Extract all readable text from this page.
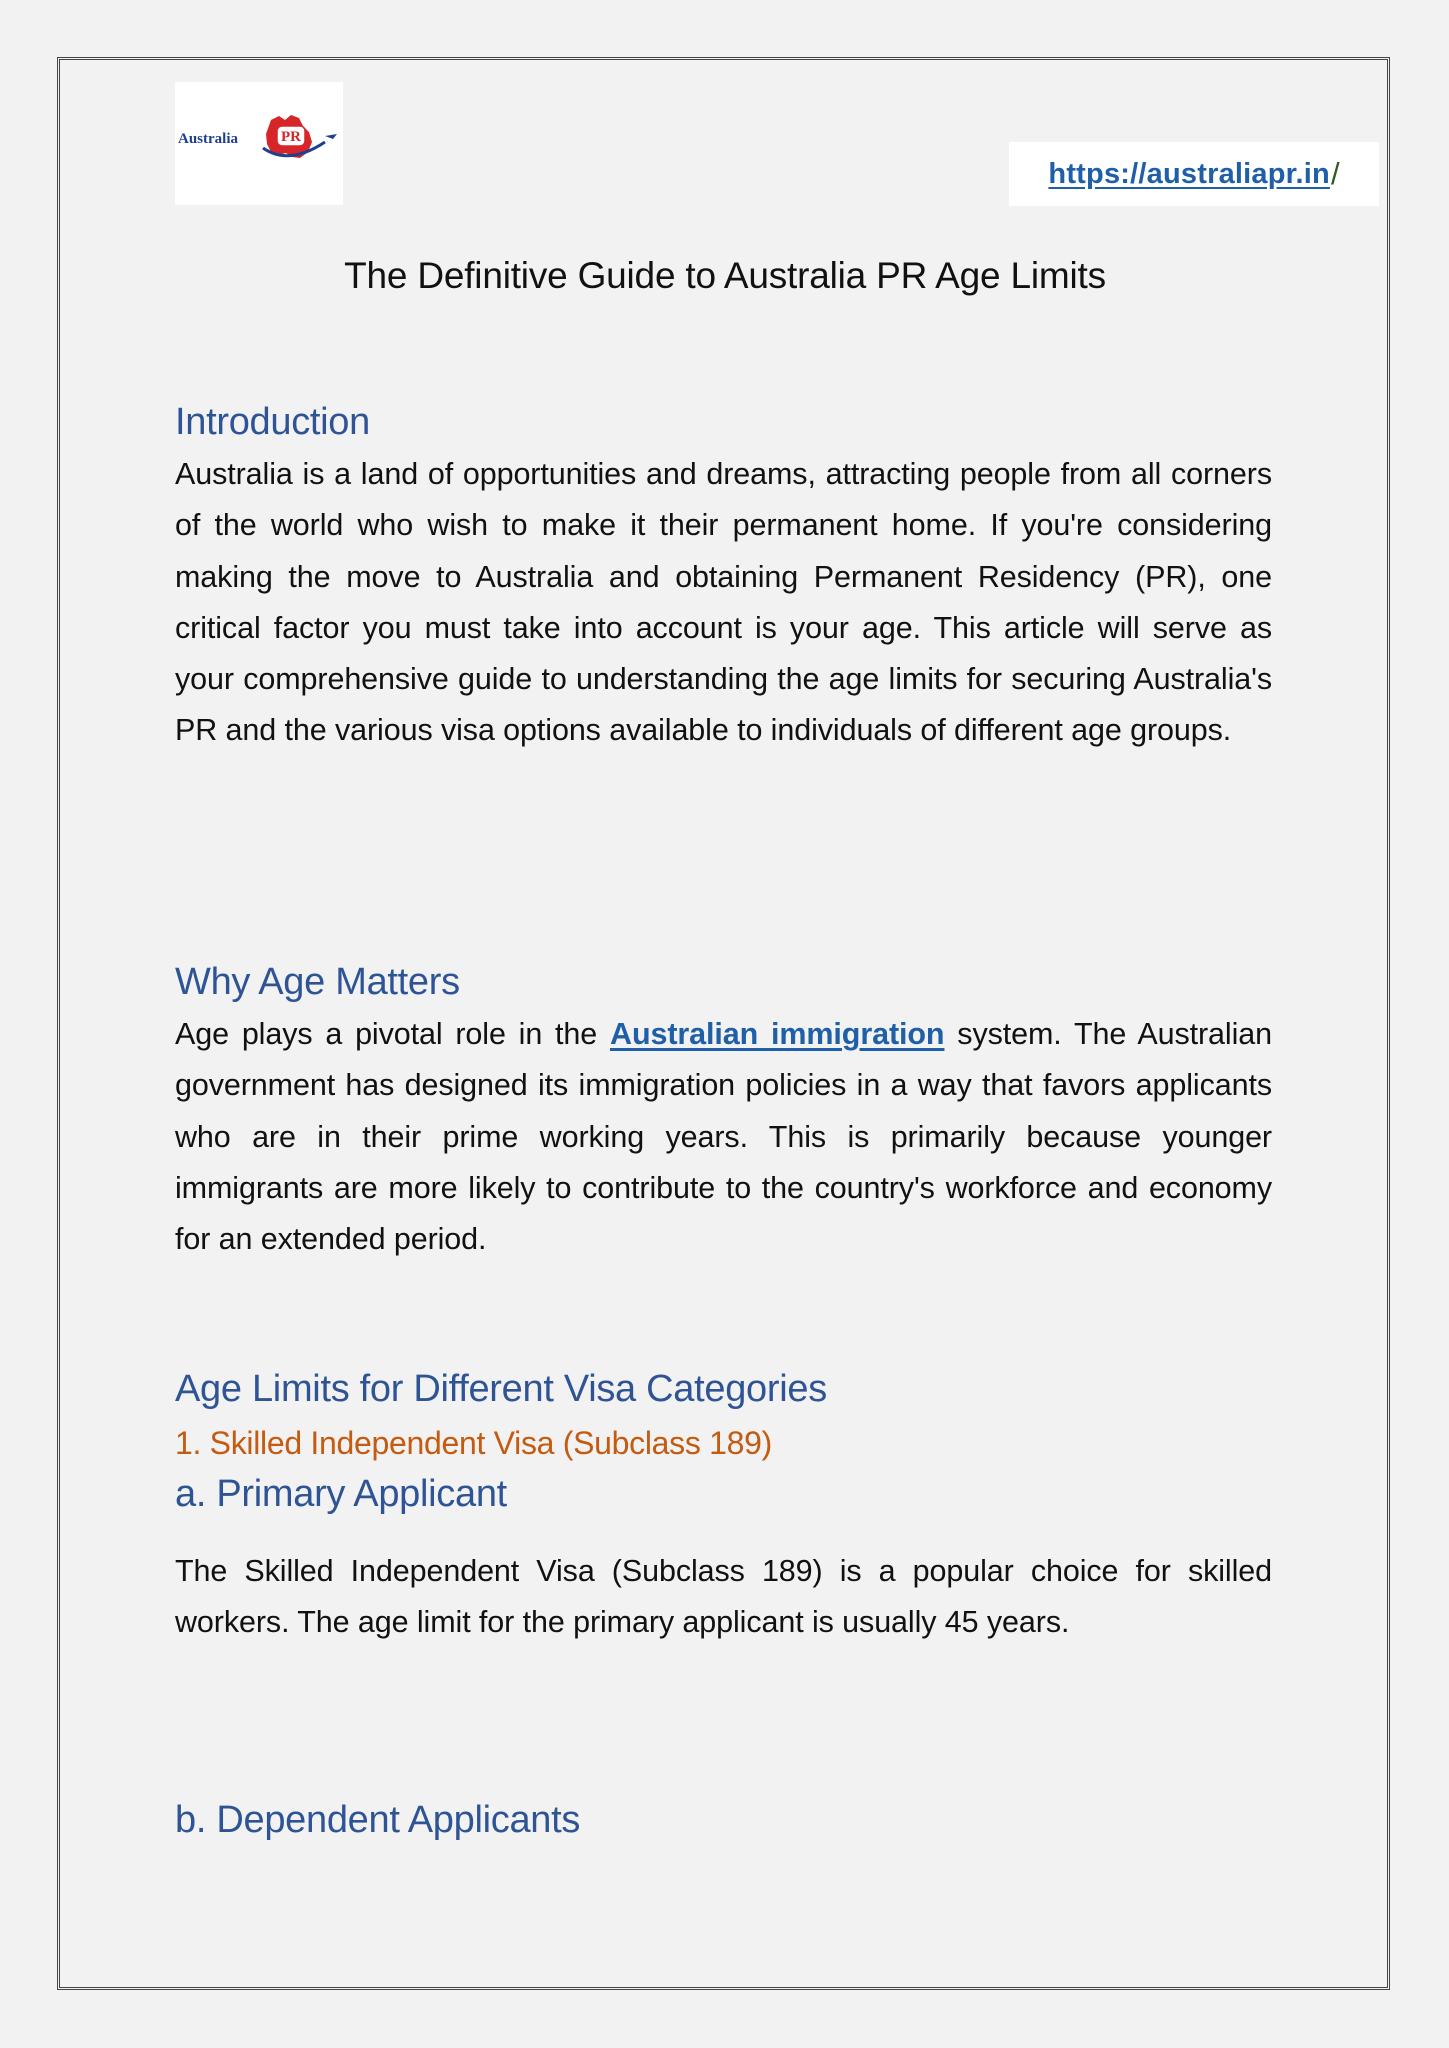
PR
Australia
https://australiapr.in /
The Definitive Guide to Australia PR Age Limits
Introduction

Australia is a land of opportunities and dreams, attracting people from all corners of the world who wish to make it their permanent home. If you're considering making the move to Australia and obtaining Permanent Residency (PR), one critical factor you must take into account is your age. This article will serve as your comprehensive guide to understanding the age limits for securing Australia's PR and the various visa options available to individuals of different age groups.

Why Age Matters

Age plays a pivotal role in the Australian immigration system. The Australian government has designed its immigration policies in a way that favors applicants who are in their prime working years. This is primarily because younger immigrants are more likely to contribute to the country's workforce and economy for an extended period.

Age Limits for Different Visa Categories
1. Skilled Independent Visa (Subclass 189)
a. Primary Applicant

The Skilled Independent Visa (Subclass 189) is a popular choice for skilled workers. The age limit for the primary applicant is usually 45 years.

b. Dependent Applicants
